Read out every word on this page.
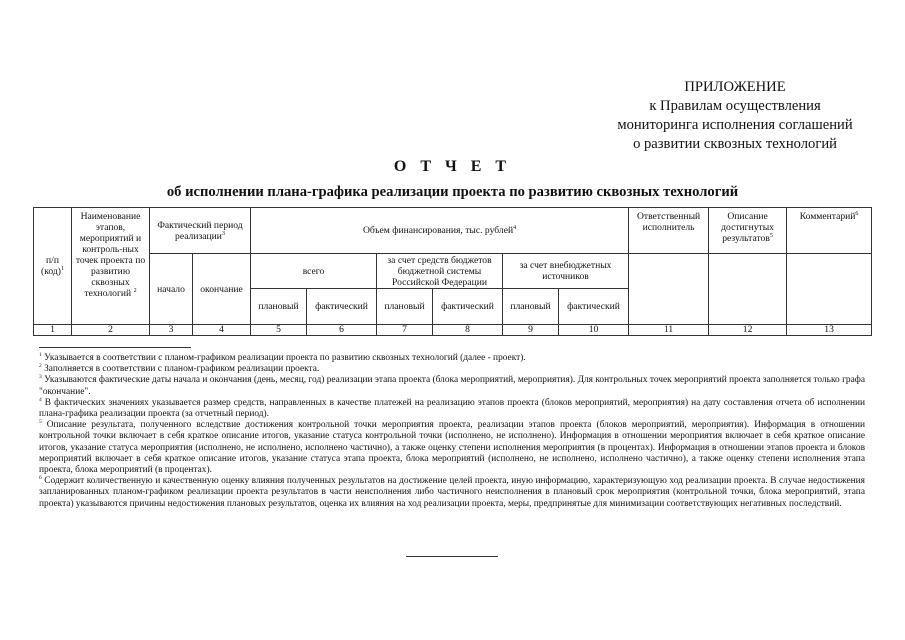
ПРИЛОЖЕНИЕ
к Правилам осуществления
мониторинга исполнения соглашений
о развитии сквозных технологий
О Т Ч Е Т
об исполнении плана-графика реализации проекта по развитию сквозных технологий
п/п (код)$^1$	Наименование этапов, мероприятий и контроль-ных точек проекта по развитию сквозных технологий $^2$	Фактический период реализации$^3$		Объем финансирования, тыс. рублей$^4$						Ответственный исполнитель	Описание достигнутых результатов$^5$	Комментарий$^6$
		начало	окончание	всего		за счет средств бюджетов бюджетной системы Российской Федерации		за счет внебюджетных источников				
				плановый	фактический	плановый	фактический	плановый	фактический			
1	2	3	4	5	6	7	8	9	10	11	12	13

$^1$ Указывается в соответствии с планом-графиком реализации проекта по развитию сквозных технологий (далее - проект).

$^2$ Заполняется в соответствии с планом-графиком реализации проекта.

$^3$ Указываются фактические даты начала и окончания (день, месяц, год) реализации этапа проекта (блока мероприятий, мероприятия). Для контрольных точек мероприятий проекта заполняется только графа "окончание".

$^4$ В фактических значениях указывается размер средств, направленных в качестве платежей на реализацию этапов проекта (блоков мероприятий, мероприятия) на дату составления отчета об исполнении плана-графика реализации проекта (за отчетный период).

$^5$ Описание результата, полученного вследствие достижения контрольной точки мероприятия проекта, реализации этапов проекта (блоков мероприятий, мероприятия). Информация в отношении контрольной точки включает в себя краткое описание итогов, указание статуса контрольной точки (исполнено, не исполнено). Информация в отношении мероприятия включает в себя краткое описание итогов, указание статуса мероприятия (исполнено, не исполнено, исполнено частично), а также оценку степени исполнения мероприятия (в процентах). Информация в отношении этапов проекта и блоков мероприятий включает в себя краткое описание итогов, указание статуса этапа проекта, блока мероприятий (исполнено, не исполнено, исполнено частично), а также оценку степени исполнения этапа проекта, блока мероприятий (в процентах).

$^6$ Содержит количественную и качественную оценку влияния полученных результатов на достижение целей проекта, иную информацию, характеризующую ход реализации проекта. В случае недостижения запланированных планом-графиком реализации проекта результатов в части неисполнения либо частичного неисполнения в плановый срок мероприятия (контрольной точки, блока мероприятий, этапа проекта) указываются причины недостижения плановых результатов, оценка их влияния на ход реализации проекта, меры, предпринятые для минимизации соответствующих негативных последствий.
